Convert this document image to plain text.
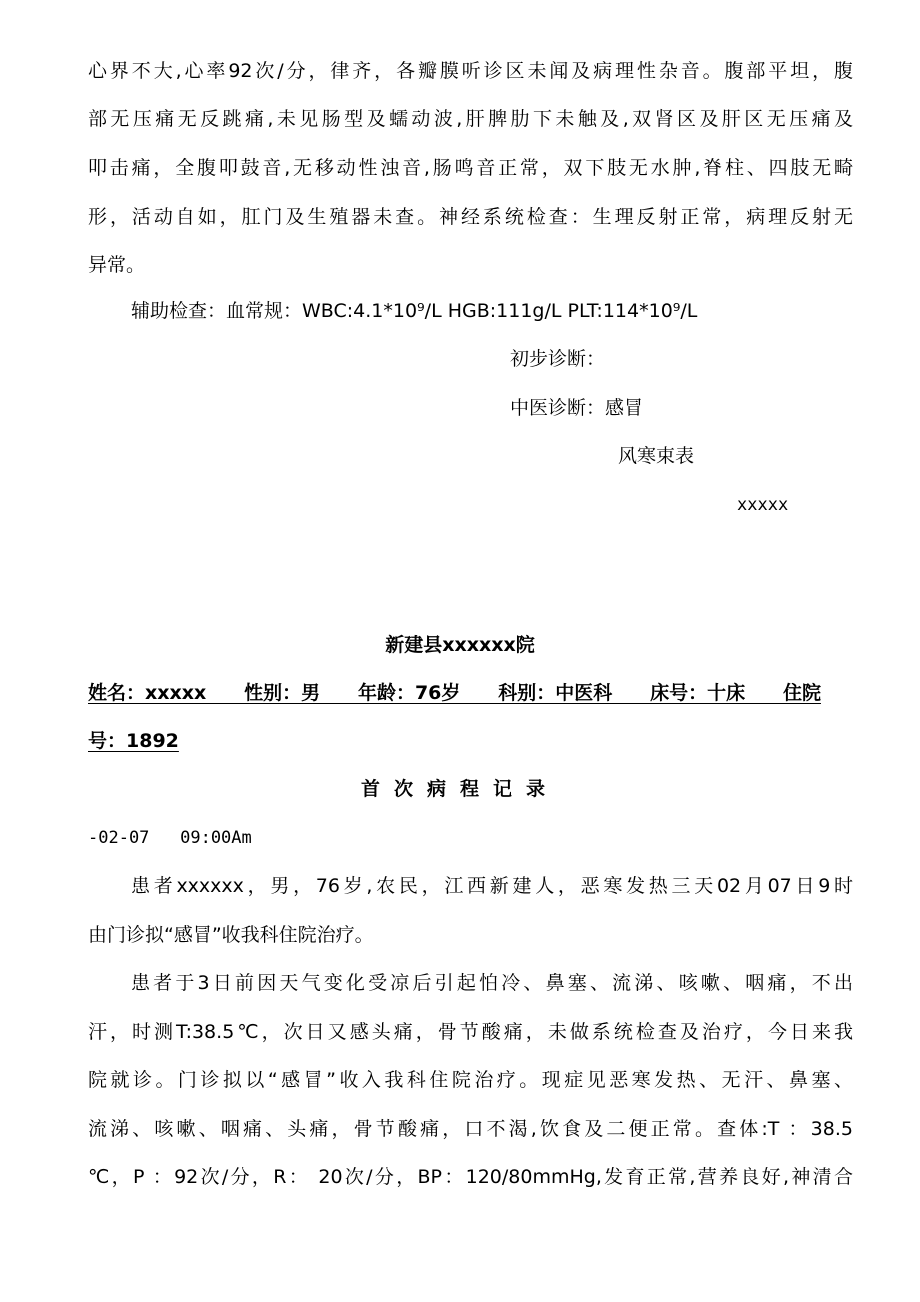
心界不大,心率92次/分，律齐，各瓣膜听诊区未闻及病理性杂音。腹部平坦，腹
部无压痛无反跳痛,未见肠型及蠕动波,肝脾肋下未触及,双肾区及肝区无压痛及
叩击痛，全腹叩鼓音,无移动性浊音,肠鸣音正常，双下肢无水肿,脊柱、四肢无畸
形，活动自如，肛门及生殖器未查。神经系统检查：生理反射正常，病理反射无
异常。
辅助检查：血常规：WBC:4.1*10⁹/L HGB:111g/L PLT:114*10⁹/L
初步诊断：
中医诊断：感冒
风寒束表
xxxxx
新建县xxxxxx院
姓名：xxxxx   性别：男   年龄：76岁   科别：中医科   床号：十床   住院
号：1892
首次病程记录
-02-07   09:00Am
患者xxxxxx，男，76岁,农民，江西新建人，恶寒发热三天02月07日9时
由门诊拟“感冒”收我科住院治疗。
患者于3日前因天气变化受凉后引起怕冷、鼻塞、流涕、咳嗽、咽痛，不出
汗，时测T:38.5℃，次日又感头痛，骨节酸痛，未做系统检查及治疗，今日来我
院就诊。门诊拟以“感冒”收入我科住院治疗。现症见恶寒发热、无汗、鼻塞、
流涕、咳嗽、咽痛、头痛，骨节酸痛，口不渴,饮食及二便正常。查体:T ：38.5
℃，P ：92次/分，R： 20次/分，BP：120/80mmHg,发育正常,营养良好,神清合
